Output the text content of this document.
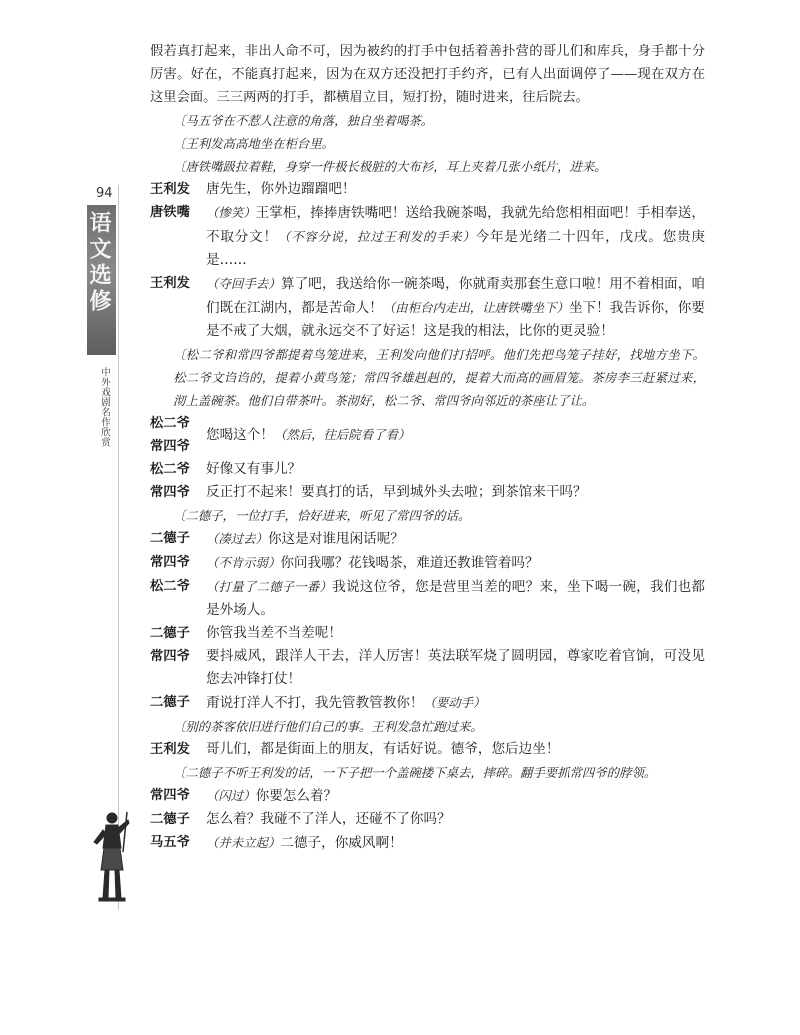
94
语文选修
中外戏剧名作欣赏

假若真打起来，非出人命不可，因为被约的打手中包括着善扑营的哥儿们和库兵，身手都十分厉害。好在，不能真打起来，因为在双方还没把打手约齐，已有人出面调停了——现在双方在这里会面。三三两两的打手，都横眉立目，短打扮，随时进来，往后院去。

〔马五爷在不惹人注意的角落，独自坐着喝茶。

〔王利发高高地坐在柜台里。

〔唐铁嘴趿拉着鞋，身穿一件极长极脏的大布衫，耳上夹着几张小纸片，进来。

王利发	唐先生，你外边蹓蹓吧！
唐铁嘴	（惨笑）王掌柜，捧捧唐铁嘴吧！送给我碗茶喝，我就先给您相相面吧！手相奉送，不取分文！（不容分说，拉过王利发的手来）今年是光绪二十四年，戊戌。您贵庚是……
王利发	（夺回手去）算了吧，我送给你一碗茶喝，你就甭卖那套生意口啦！用不着相面，咱们既在江湖内，都是苦命人！（由柜台内走出，让唐铁嘴坐下）坐下！我告诉你，你要是不戒了大烟，就永远交不了好运！这是我的相法，比你的更灵验！

〔松二爷和常四爷都提着鸟笼进来，王利发向他们打招呼。他们先把鸟笼子挂好，找地方坐下。松二爷文诌诌的，提着小黄鸟笼；常四爷雄赳赳的，提着大而高的画眉笼。茶房李三赶紧过来，沏上盖碗茶。他们自带茶叶。茶沏好，松二爷、常四爷向邻近的茶座让了让。

松二爷
常四爷
您喝这个！（然后，往后院看了看）
松二爷	好像又有事儿？
常四爷	反正打不起来！要真打的话，早到城外头去啦；到茶馆来干吗？

〔二德子，一位打手，恰好进来，听见了常四爷的话。

二德子	（凑过去）你这是对谁甩闲话呢？
常四爷	（不肯示弱）你问我哪？花钱喝茶，难道还教谁管着吗？
松二爷	（打量了二德子一番）我说这位爷，您是营里当差的吧？来，坐下喝一碗，我们也都是外场人。
二德子	你管我当差不当差呢！
常四爷	要抖威风，跟洋人干去，洋人厉害！英法联军烧了圆明园，尊家吃着官饷，可没见您去冲锋打仗！
二德子	甭说打洋人不打，我先管教管教你！（要动手）

〔别的茶客依旧进行他们自己的事。王利发急忙跑过来。

王利发	哥儿们，都是街面上的朋友，有话好说。德爷，您后边坐！

〔二德子不听王利发的话，一下子把一个盖碗搂下桌去，摔碎。翻手要抓常四爷的脖领。

常四爷	（闪过）你要怎么着？
二德子	怎么着？我碰不了洋人，还碰不了你吗？
马五爷	（并未立起）二德子，你威风啊！
